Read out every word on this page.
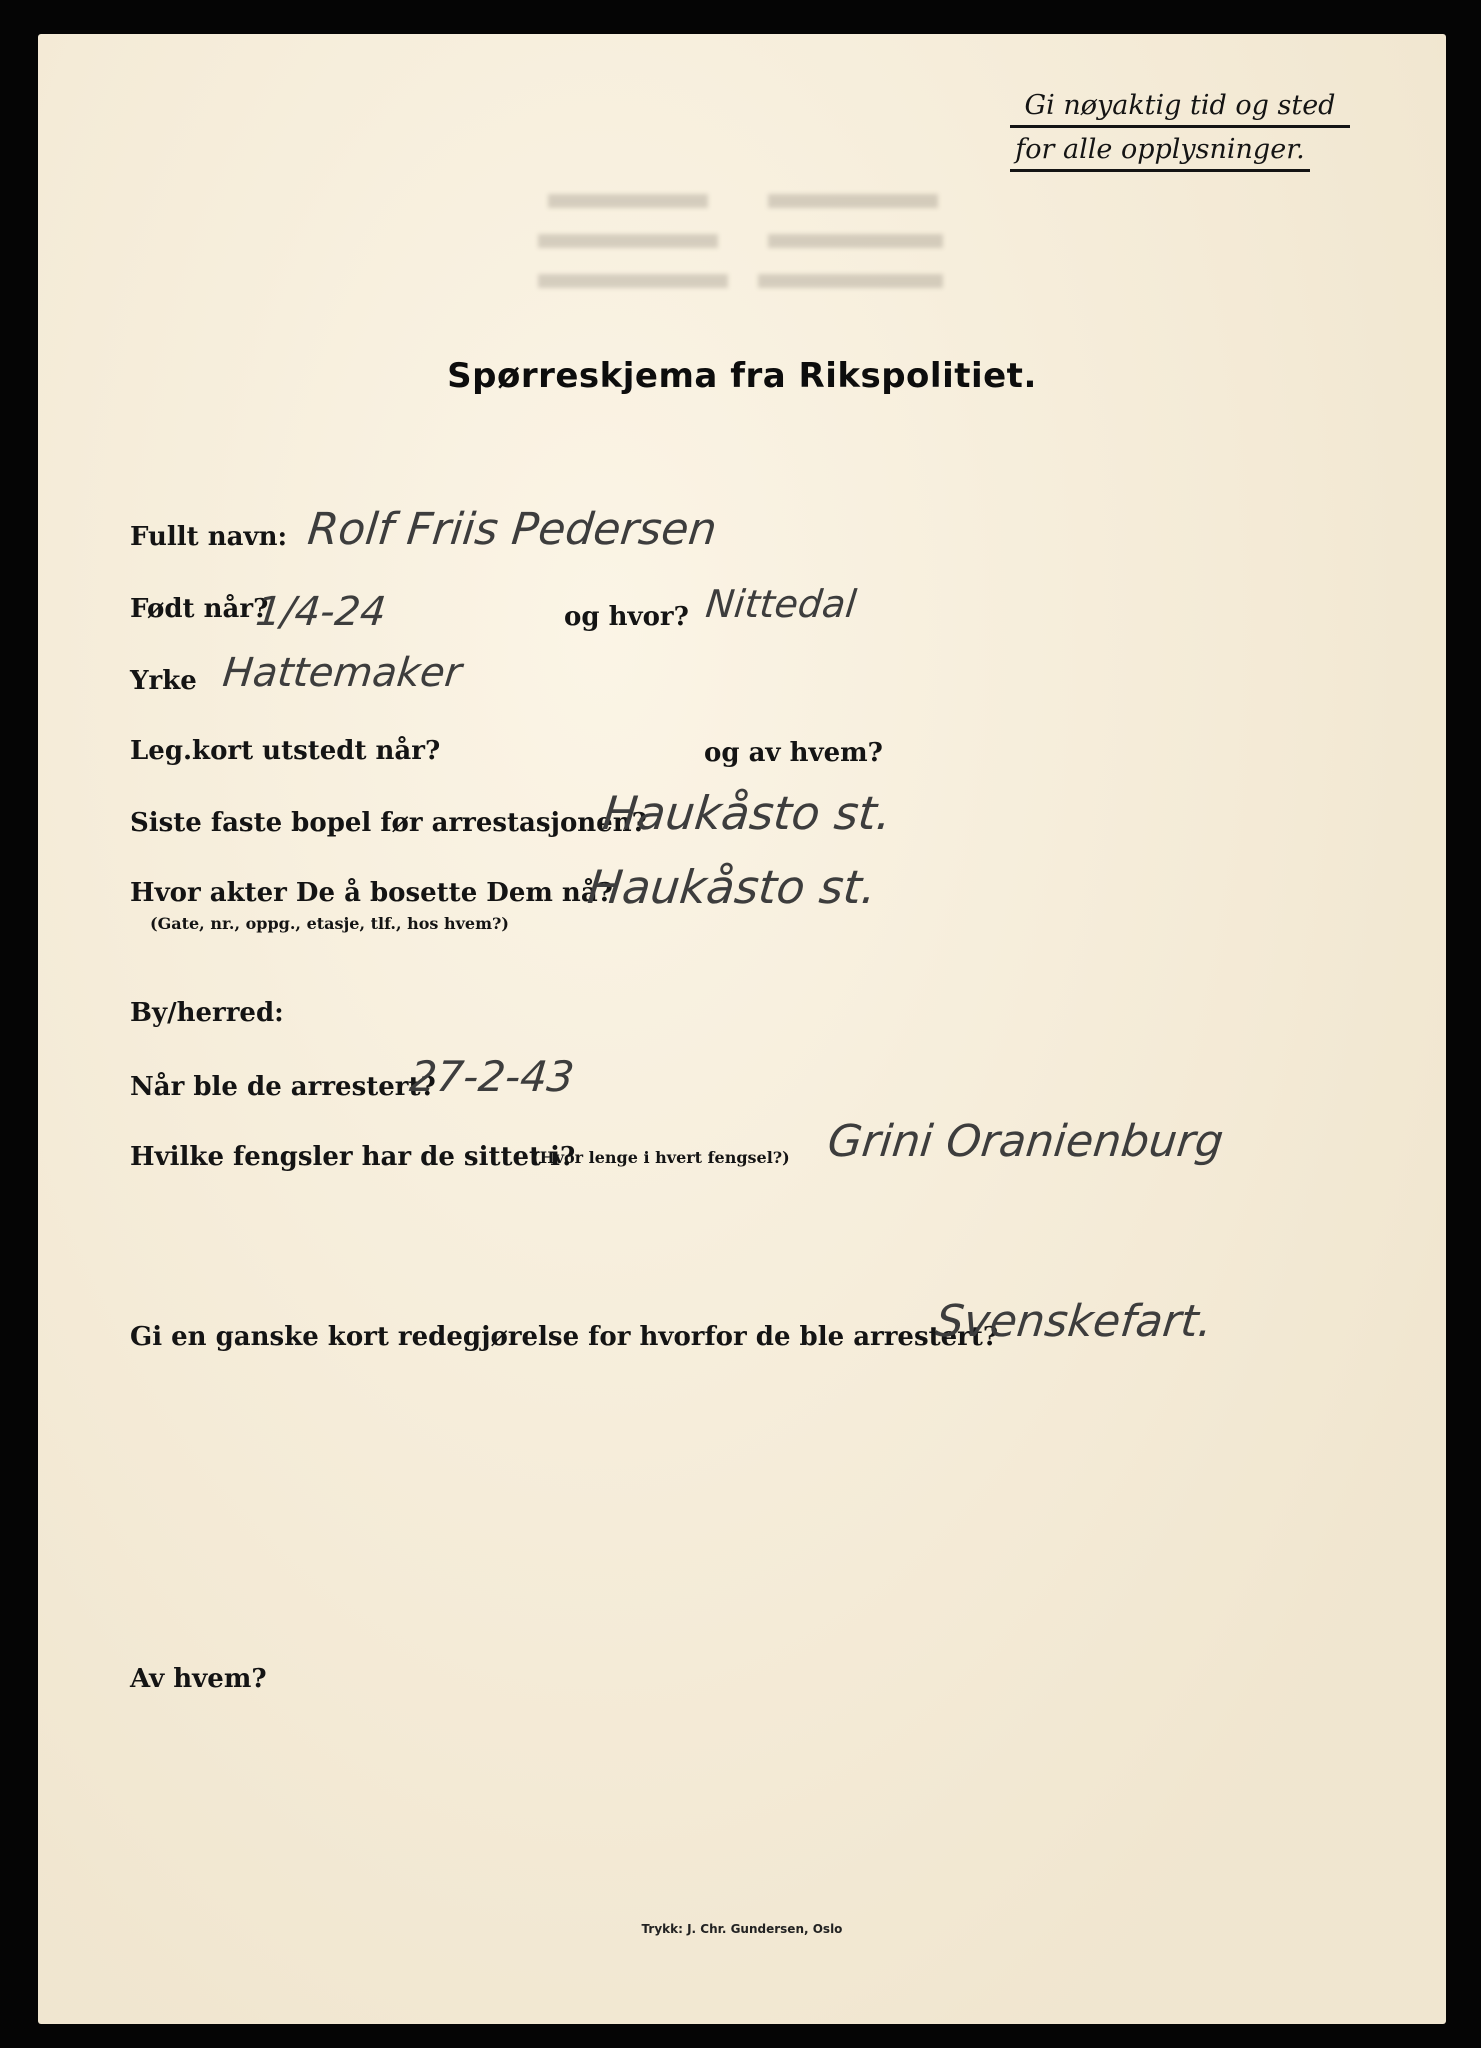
Gi nøyaktig tid og sted
for alle opplysninger.
Spørreskjema fra Rikspolitiet.
Fullt navn: Rolf Friis Pedersen
Født når?
1/4-24	og hvor? Nittedal
Yrke Hattemaker
Leg.kort utstedt når?	og av hvem?
Siste faste bopel før arrestasjonen?
Haukåsto st.
Hvor akter De å bosette Dem nå?
(Gate, nr., oppg., etasje, tlf., hos hvem?)
Haukåsto st.
By/herred:
Når ble de arrestert?
27-2-43
Hvilke fengsler har de sittet i?
(Hvor lenge i hvert fengsel?) Grini Oranienburg
Gi en ganske kort redegjørelse for hvorfor de ble arrestert?
Svenskefart.
Av hvem?
Trykk: J. Chr. Gundersen, Oslo
